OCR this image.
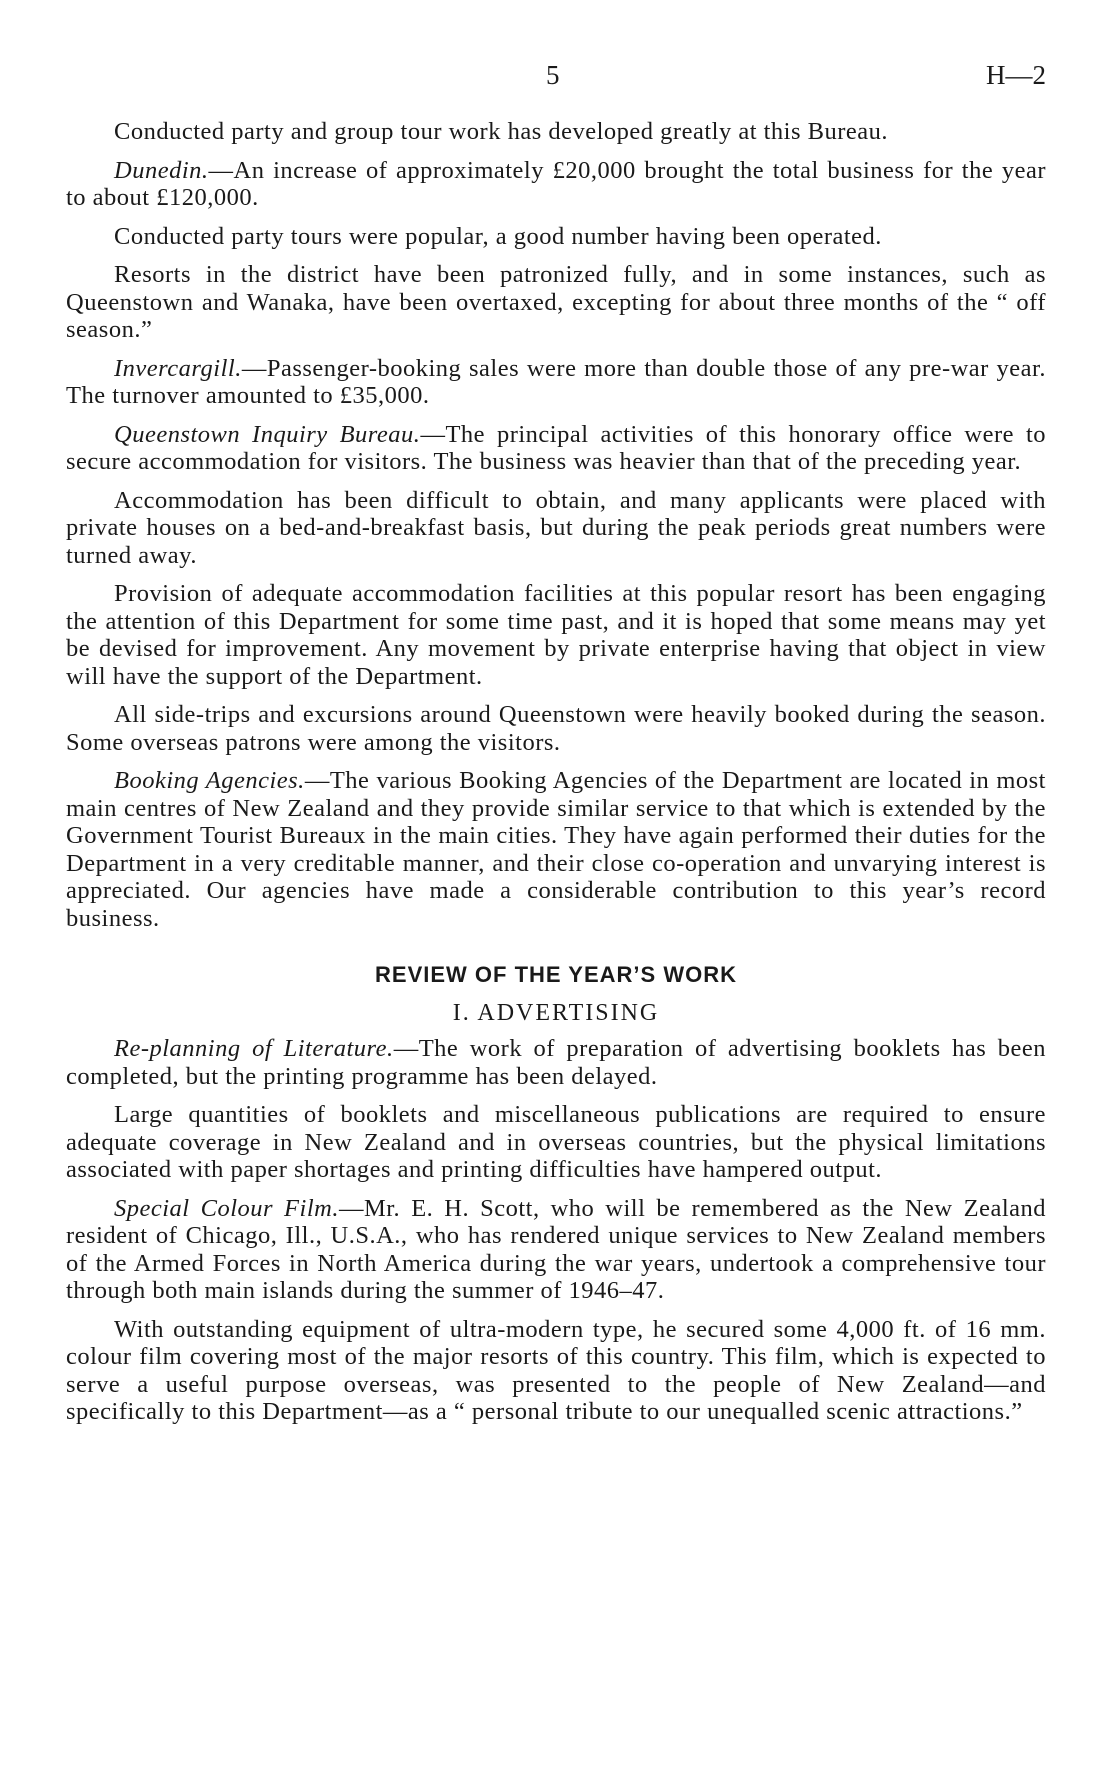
5	H—2

Conducted party and group tour work has developed greatly at this Bureau.

Dunedin.—An increase of approximately £20,000 brought the total business for the year to about £120,000.

Conducted party tours were popular, a good number having been operated.

Resorts in the district have been patronized fully, and in some instances, such as Queenstown and Wanaka, have been overtaxed, excepting for about three months of the “ off season.”

Invercargill.—Passenger-booking sales were more than double those of any pre-war year. The turnover amounted to £35,000.

Queenstown Inquiry Bureau.—The principal activities of this honorary office were to secure accommodation for visitors. The business was heavier than that of the preceding year.

Accommodation has been difficult to obtain, and many applicants were placed with private houses on a bed-and-breakfast basis, but during the peak periods great numbers were turned away.

Provision of adequate accommodation facilities at this popular resort has been engaging the attention of this Department for some time past, and it is hoped that some means may yet be devised for improvement. Any movement by private enterprise having that object in view will have the support of the Department.

All side-trips and excursions around Queenstown were heavily booked during the season. Some overseas patrons were among the visitors.

Booking Agencies.—The various Booking Agencies of the Department are located in most main centres of New Zealand and they provide similar service to that which is extended by the Government Tourist Bureaux in the main cities. They have again performed their duties for the Department in a very creditable manner, and their close co-operation and unvarying interest is appreciated. Our agencies have made a considerable contribution to this year’s record business.

REVIEW OF THE YEAR’S WORK
I. ADVERTISING

Re-planning of Literature.—The work of preparation of advertising booklets has been completed, but the printing programme has been delayed.

Large quantities of booklets and miscellaneous publications are required to ensure adequate coverage in New Zealand and in overseas countries, but the physical limitations associated with paper shortages and printing difficulties have hampered output.

Special Colour Film.—Mr. E. H. Scott, who will be remembered as the New Zealand resident of Chicago, Ill., U.S.A., who has rendered unique services to New Zealand members of the Armed Forces in North America during the war years, undertook a comprehensive tour through both main islands during the summer of 1946–47.

With outstanding equipment of ultra-modern type, he secured some 4,000 ft. of 16 mm. colour film covering most of the major resorts of this country. This film, which is expected to serve a useful purpose overseas, was presented to the people of New Zealand—and specifically to this Department—as a “ personal tribute to our unequalled scenic attractions.”
